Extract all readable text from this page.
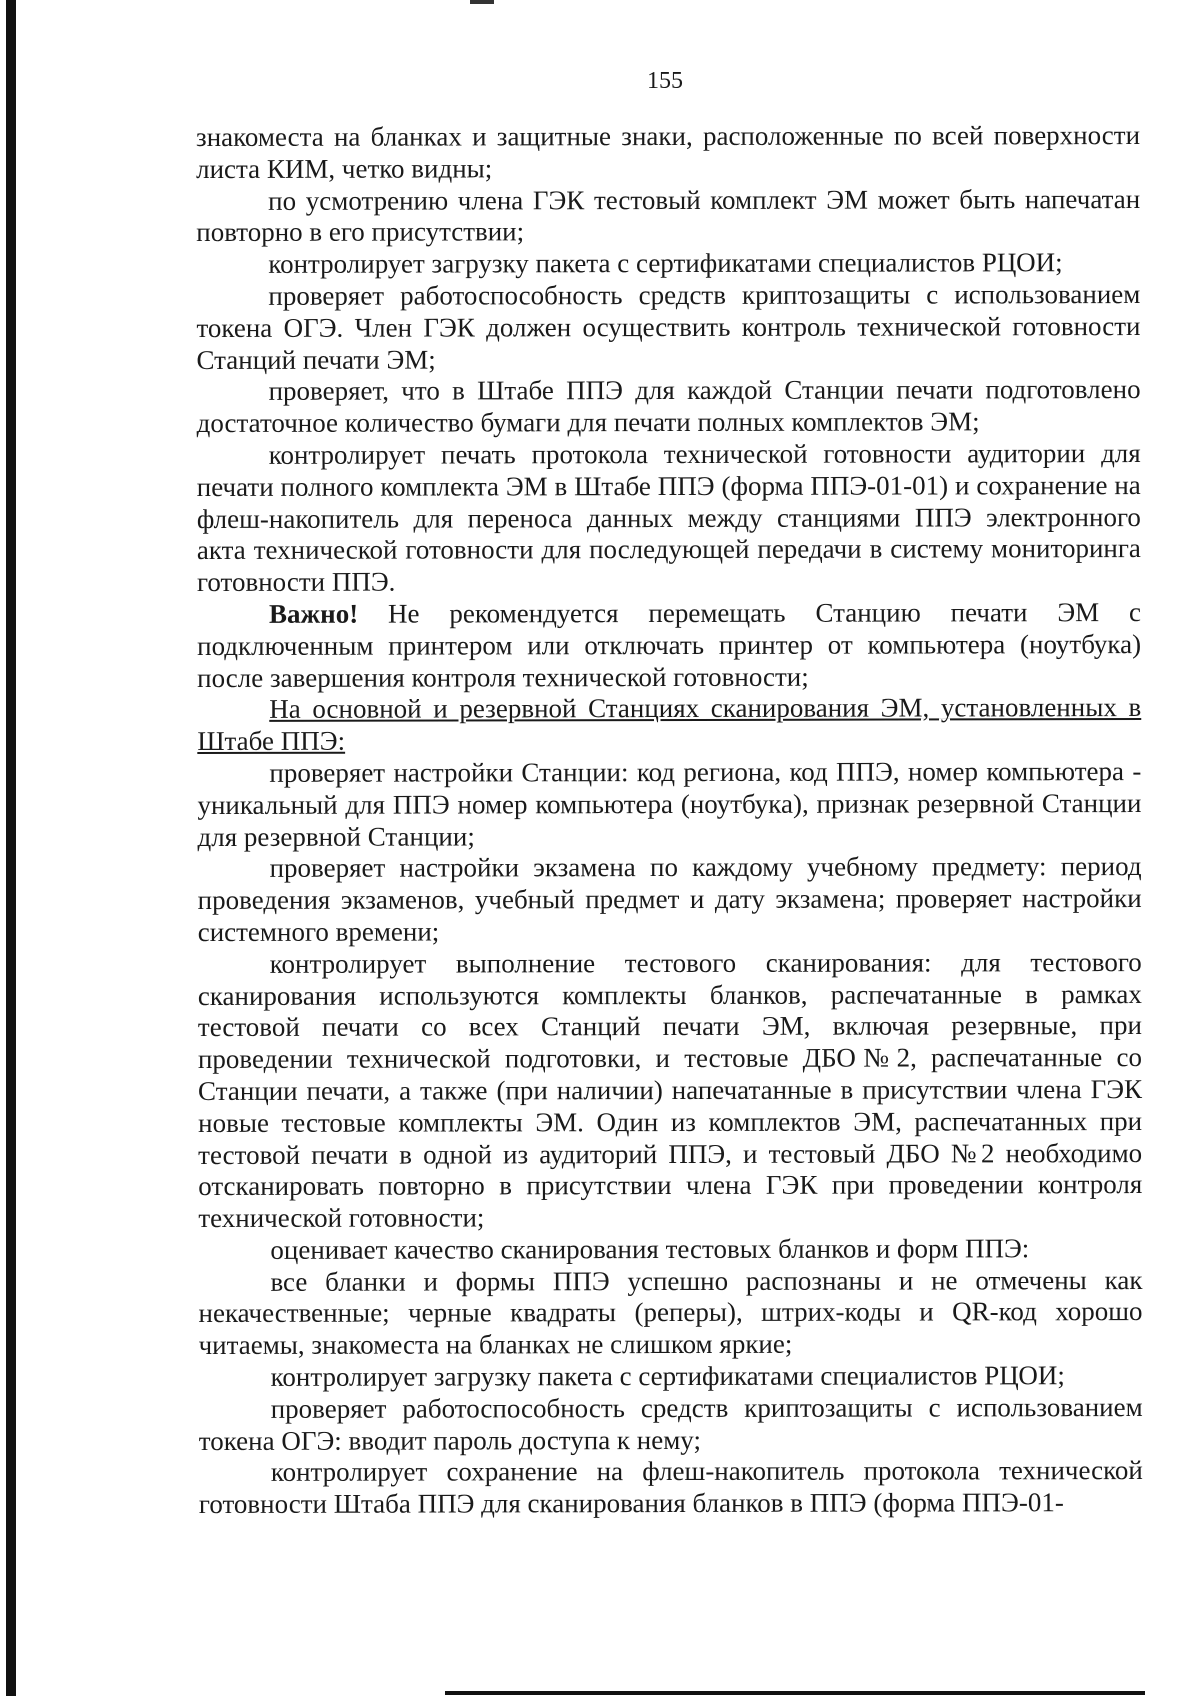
155

знакоместа на бланках и защитные знаки, расположенные по всей поверхности листа КИМ, четко видны;

по усмотрению члена ГЭК тестовый комплект ЭМ может быть напечатан повторно в его присутствии;

контролирует загрузку пакета с сертификатами специалистов РЦОИ;

проверяет работоспособность средств криптозащиты с использованием токена ОГЭ. Член ГЭК должен осуществить контроль технической готовности Станций печати ЭМ;

проверяет, что в Штабе ППЭ для каждой Станции печати подготовлено достаточное количество бумаги для печати полных комплектов ЭМ;

контролирует печать протокола технической готовности аудитории для печати полного комплекта ЭМ в Штабе ППЭ (форма ППЭ-01-01) и сохранение на флеш-накопитель для переноса данных между станциями ППЭ электронного акта технической готовности для последующей передачи в систему мониторинга готовности ППЭ.

Важно! Не рекомендуется перемещать Станцию печати ЭМ с подключенным принтером или отключать принтер от компьютера (ноутбука) после завершения контроля технической готовности;

На основной и резервной Станциях сканирования ЭМ, установленных в Штабе ППЭ:

проверяет настройки Станции: код региона, код ППЭ, номер компьютера - уникальный для ППЭ номер компьютера (ноутбука), признак резервной Станции для резервной Станции;

проверяет настройки экзамена по каждому учебному предмету: период проведения экзаменов, учебный предмет и дату экзамена; проверяет настройки системного времени;

контролирует выполнение тестового сканирования: для тестового сканирования используются комплекты бланков, распечатанные в рамках тестовой печати со всех Станций печати ЭМ, включая резервные, при проведении технической подготовки, и тестовые ДБО№2, распечатанные со Станции печати, а также (при наличии) напечатанные в присутствии члена ГЭК новые тестовые комплекты ЭМ. Один из комплектов ЭМ, распечатанных при тестовой печати в одной из аудиторий ППЭ, и тестовый ДБО №2 необходимо отсканировать повторно в присутствии члена ГЭК при проведении контроля технической готовности;

оценивает качество сканирования тестовых бланков и форм ППЭ:

все бланки и формы ППЭ успешно распознаны и не отмечены как некачественные; черные квадраты (реперы), штрих-коды и QR-код хорошо читаемы, знакоместа на бланках не слишком яркие;

контролирует загрузку пакета с сертификатами специалистов РЦОИ;

проверяет работоспособность средств криптозащиты с использованием токена ОГЭ: вводит пароль доступа к нему;

контролирует сохранение на флеш-накопитель протокола технической готовности Штаба ППЭ для сканирования бланков в ППЭ (форма ППЭ-01-
